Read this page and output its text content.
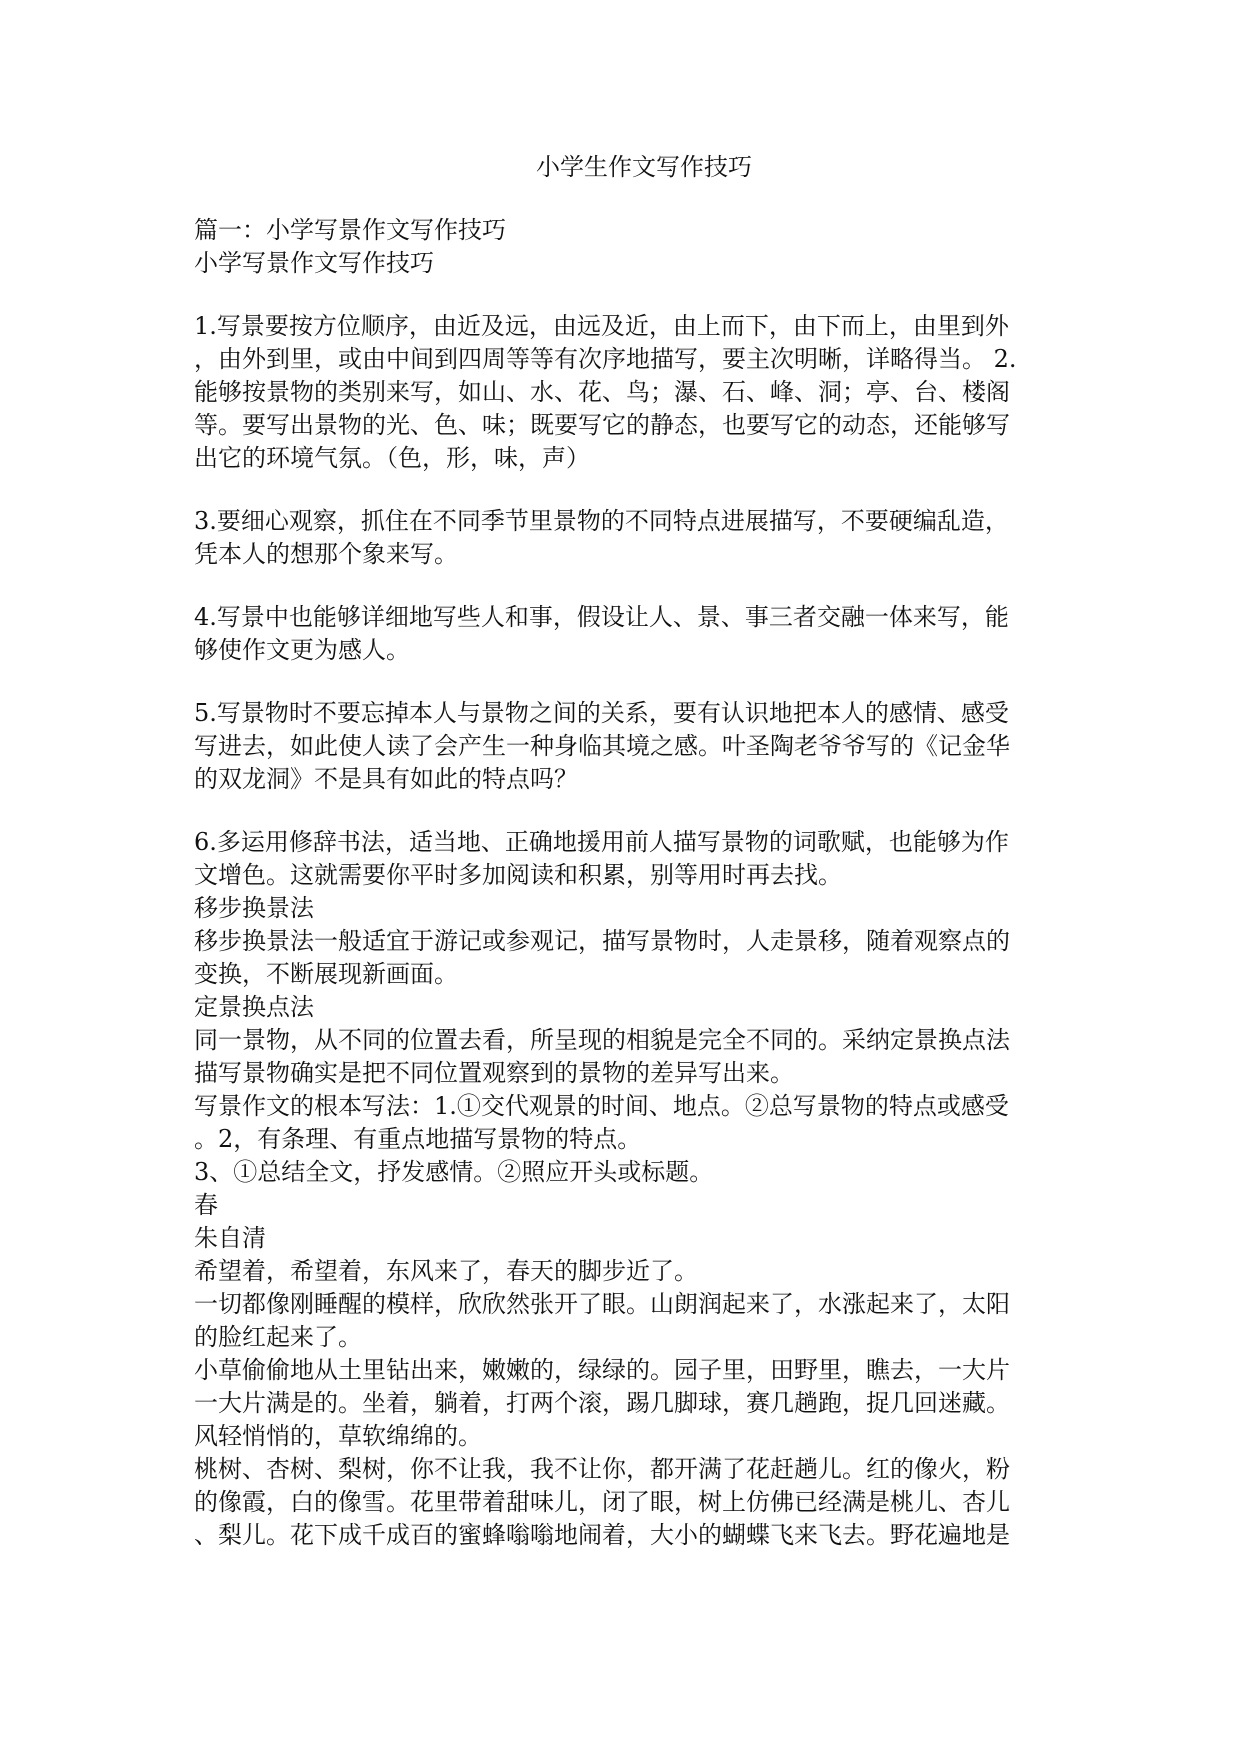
小学生作文写作技巧
篇一：小学写景作文写作技巧
小学写景作文写作技巧
1.写景要按方位顺序，由近及远，由远及近，由上而下，由下而上，由里到外
，由外到里，或由中间到四周等等有次序地描写，要主次明晰，详略得当。 2.
能够按景物的类别来写，如山、水、花、鸟；瀑、石、峰、洞；亭、台、楼阁
等。要写出景物的光、色、味；既要写它的静态，也要写它的动态，还能够写
出它的环境气氛。（色，形，味，声）
3.要细心观察，抓住在不同季节里景物的不同特点进展描写，不要硬编乱造，
凭本人的想那个象来写。
4.写景中也能够详细地写些人和事，假设让人、景、事三者交融一体来写，能
够使作文更为感人。
5.写景物时不要忘掉本人与景物之间的关系，要有认识地把本人的感情、感受
写进去，如此使人读了会产生一种身临其境之感。叶圣陶老爷爷写的《记金华
的双龙洞》不是具有如此的特点吗？
6.多运用修辞书法，适当地、正确地援用前人描写景物的词歌赋，也能够为作
文增色。这就需要你平时多加阅读和积累，别等用时再去找。
移步换景法
移步换景法一般适宜于游记或参观记，描写景物时，人走景移，随着观察点的
变换，不断展现新画面。
定景换点法
同一景物，从不同的位置去看，所呈现的相貌是完全不同的。采纳定景换点法
描写景物确实是把不同位置观察到的景物的差异写出来。
写景作文的根本写法：1.①交代观景的时间、地点。②总写景物的特点或感受
。2，有条理、有重点地描写景物的特点。
3、①总结全文，抒发感情。②照应开头或标题。
春
朱自清
希望着，希望着，东风来了，春天的脚步近了。
一切都像刚睡醒的模样，欣欣然张开了眼。山朗润起来了，水涨起来了，太阳
的脸红起来了。
小草偷偷地从土里钻出来，嫩嫩的，绿绿的。园子里，田野里，瞧去，一大片
一大片满是的。坐着，躺着，打两个滚，踢几脚球，赛几趟跑，捉几回迷藏。
风轻悄悄的，草软绵绵的。
桃树、杏树、梨树，你不让我，我不让你，都开满了花赶趟儿。红的像火，粉
的像霞，白的像雪。花里带着甜味儿，闭了眼，树上仿佛已经满是桃儿、杏儿
、梨儿。花下成千成百的蜜蜂嗡嗡地闹着，大小的蝴蝶飞来飞去。野花遍地是
